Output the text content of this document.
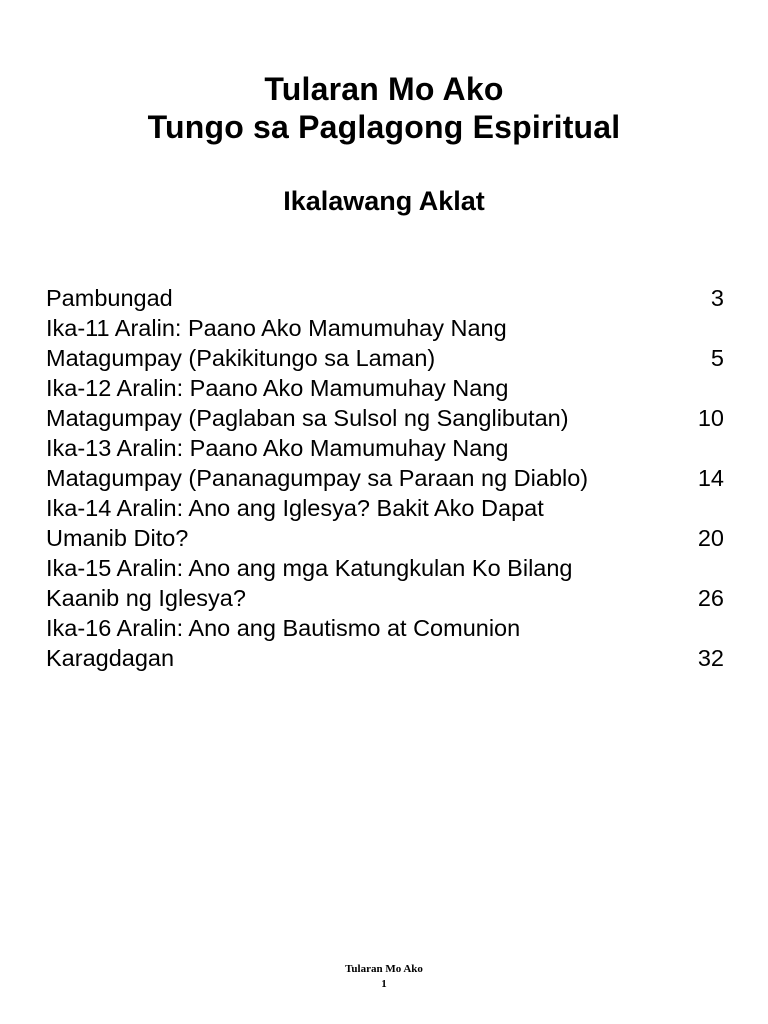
Tularan Mo Ako
Tungo sa Paglagong Espiritual
Ikalawang Aklat
Pambungad	3
Ika-11 Aralin: Paano Ako Mamumuhay Nang
Matagumpay (Pakikitungo sa Laman)	5
Ika-12 Aralin: Paano Ako Mamumuhay Nang
Matagumpay (Paglaban sa Sulsol ng Sanglibutan)	10
Ika-13 Aralin: Paano Ako Mamumuhay Nang
Matagumpay (Pananagumpay sa Paraan ng Diablo)	14
Ika-14 Aralin: Ano ang Iglesya? Bakit Ako Dapat
Umanib Dito?	20
Ika-15 Aralin: Ano ang mga Katungkulan Ko Bilang
Kaanib ng Iglesya?	26
Ika-16 Aralin: Ano ang Bautismo at Comunion
Karagdagan	32
Tularan Mo Ako
1
